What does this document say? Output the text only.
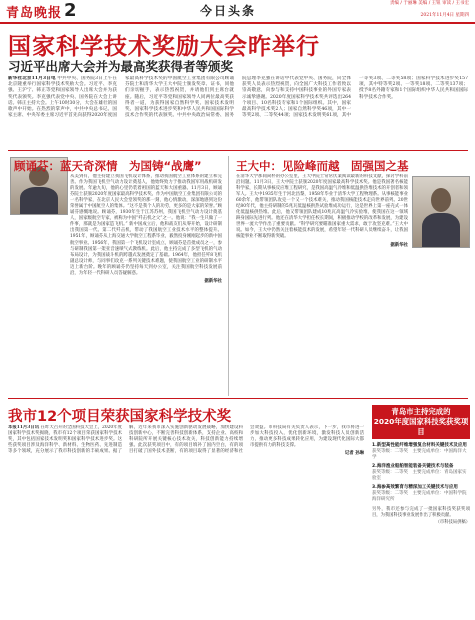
青岛晚报 2	今日头条
责编 / 于丽琳 美编 / 王钮 审读 / 王书宏
2021年11月4日 星期四
国家科学技术奖励大会昨举行
习近平出席大会并为最高奖获得者等颁奖
新华社北京11月3日电 中共中央、国务院3日上午在北京隆重举行国家科学技术奖励大会。习近平、李克强、王沪宁、韩正等党和国家领导人出席大会并为获奖代表颁奖。李克强代表党中央、国务院在大会上讲话。韩正主持大会。上午10时30分，大会在雄壮的国歌声中开始。在热烈的掌声中，中共中央总书记、国家主席、中央军委主席习近平首先向获得2020年度国家最高科学技术奖的中国航空工业集团有限公司顾诵芬院士和清华大学王大中院士颁发奖章、证书，同他们亲切握手，表示热烈祝贺，并请他们到主席台就座。随后，习近平等党和国家领导人同两位最高奖获得者一道，为获得国家自然科学奖、国家技术发明奖、国家科学技术进步奖和中华人民共和国国际科学技术合作奖的代表颁奖。中共中央政治局常委、国务院总理李克强在讲话中代表党中央、国务院，向全体获奖人员表示热烈祝贺，向全国广大科技工作者致以崇高敬意，向参与和支持中国科技事业的外国专家表示诚挚感谢。2020年度国家科学技术奖共评选出264个项目、10名科技专家和1个国际组织。其中，国家最高科学技术奖2人；国家自然科学奖46项，其中一等奖2项、二等奖44项；国家技术发明奖61项，其中一等奖3项、二等奖58项；国家科学技术进步奖157项，其中特等奖2项、一等奖18项、二等奖137项；授予8名外籍专家和1个国际组织中华人民共和国国际科学技术合作奖。
顾诵芬：蓝天奇深情　为国铸“战鹰”
从美到有，他主持建立我国飞机设计体系，推动我国航空工业体系的建立和完善。作为我国飞机空气动力设计奠基人，他始终致力于推动我国军用战机研发的发展。年逾九旬，他的心里仍装着祖国的蓝天和大国重器。11月3日，顾诵芬院士获颁2020年度国家最高科学技术奖。作为中国航空工业集团有限公司的一名科学家，在北京人民大会堂领奖的那一刻，他心情激动，深深地感到这份荣誉属于中国航空人的集体。“这不是我个人的功劳，更多的是大家的荣誉。”顾诵芬感慨地说。顾诵芬，1930年生于江苏苏州，我国飞机空气动力设计奠基人，国家级航空专家，被称为中国“歼击机之父”之一。他说：“我一生只做了一件事，那就是为国家造飞机。” 新中国成立后，他和战友们从零开始，设计研制出我国第一代、第二代歼击机，带动了我国航空工业技术水平的整体提升。1951年，顾诵芬从上海交通大学航空工程系毕业，毅然投身刚刚起步的新中国航空事业。1956年，我国第一个飞机设计室成立，顾诵芬是首批成员之一，参与研制我国第一架亚音速喷气式教练机。此后，他主持完成了多型飞机的气动布局设计，为我国战斗机的跨越式发展奠定了基础。1964年，他担任歼8飞机副总设计师，与同事们攻克一系列关键技术难题，使我国航空工业的研制水平迈上新台阶。晚年的顾诵芬仍坚持每天到办公室，关注我国航空科技发展前沿，为年轻一代科研人员答疑解惑。
据新华社
王大中：见险峰而越　固强国之基
在清华大学那间简朴的办公室里，王大中院士常常伏案阅读最新的科技文献，探讨学科前沿问题。11月3日，王大中院士获颁2020年度国家最高科学技术奖。他是我国著名核能科学家，长期从事核反应堆工程研究，是我国高温气冷堆和低温供热堆技术的开创者和领军人。王大中1935年生于河北昌黎，1958年毕业于清华大学工程物理系。从事核能事业60余年，他带领团队攻克一个又一个技术难关，推动我国核能技术走向世界前列。20世纪80年代，他主持研制的5兆瓦低温核供热试验堆成功运行，这是世界上第一座壳式一体化低温核供热堆。此后，他又带领团队建成10兆瓦高温气冷实验堆，使我国在这一领域跻身国际先进行列。他还在清华大学担任校长期间，积极推动学校的改革和发展，为建设世界一流大学作出了重要贡献。“科学研究要瞄准国家重大需求，敢于攻坚克难。”王大中说。如今，王大中仍然关注着核能技术的发展，希望年轻一代科研人员继续奋斗，让我国核能事业不断取得新突破。
据新华社
我市12个项目荣获国家科学技术奖
本报11月3日讯 在昨天召开的全国科技大会上，2020年度国家科学技术奖揭晓，我市有12个项目荣获国家科学技术奖，其中包括国家技术发明奖和国家科学技术进步奖。这些获奖项目涉及海洋科学、新材料、生物医药、先进制造等多个领域，充分展示了我市科技创新的丰硕成果。据了解，近年来我市深入实施创新驱动发展战略，加快建设科技创新中心，不断完善科技创新体系，支持企业、高校和科研院所开展关键核心技术攻关，科技创新能力持续增强。此次获奖项目中，有的项目填补了国内空白，有的项目打破了国外技术垄断，有的项目取得了显著的经济和社会效益。市科技局有关负责人表示，下一步，我市将进一步加大科技投入，优化创新环境，激发科技人员创新活力，推动更多科技成果转化应用，为建设现代化国际大都市提供有力的科技支撑。
记者 孙琳
青岛市主持完成的
2020年度国家科技奖获奖项目
1.新型高性能纤维增强复合材料关键技术及应用
获奖等级：二等奖　主要完成单位：中国海洋大学
2.海洋渔业船舶智能装备关键技术与装备
获奖等级：二等奖　主要完成单位：青岛国家实验室
3.海参高效繁育与精深加工关键技术与应用
获奖等级：二等奖　主要完成单位：中国科学院海洋研究所
另外，我市还参与完成了一批国家科技奖获奖项目，为我国科技事业发展作出了积极贡献。
（市科技局供稿）
